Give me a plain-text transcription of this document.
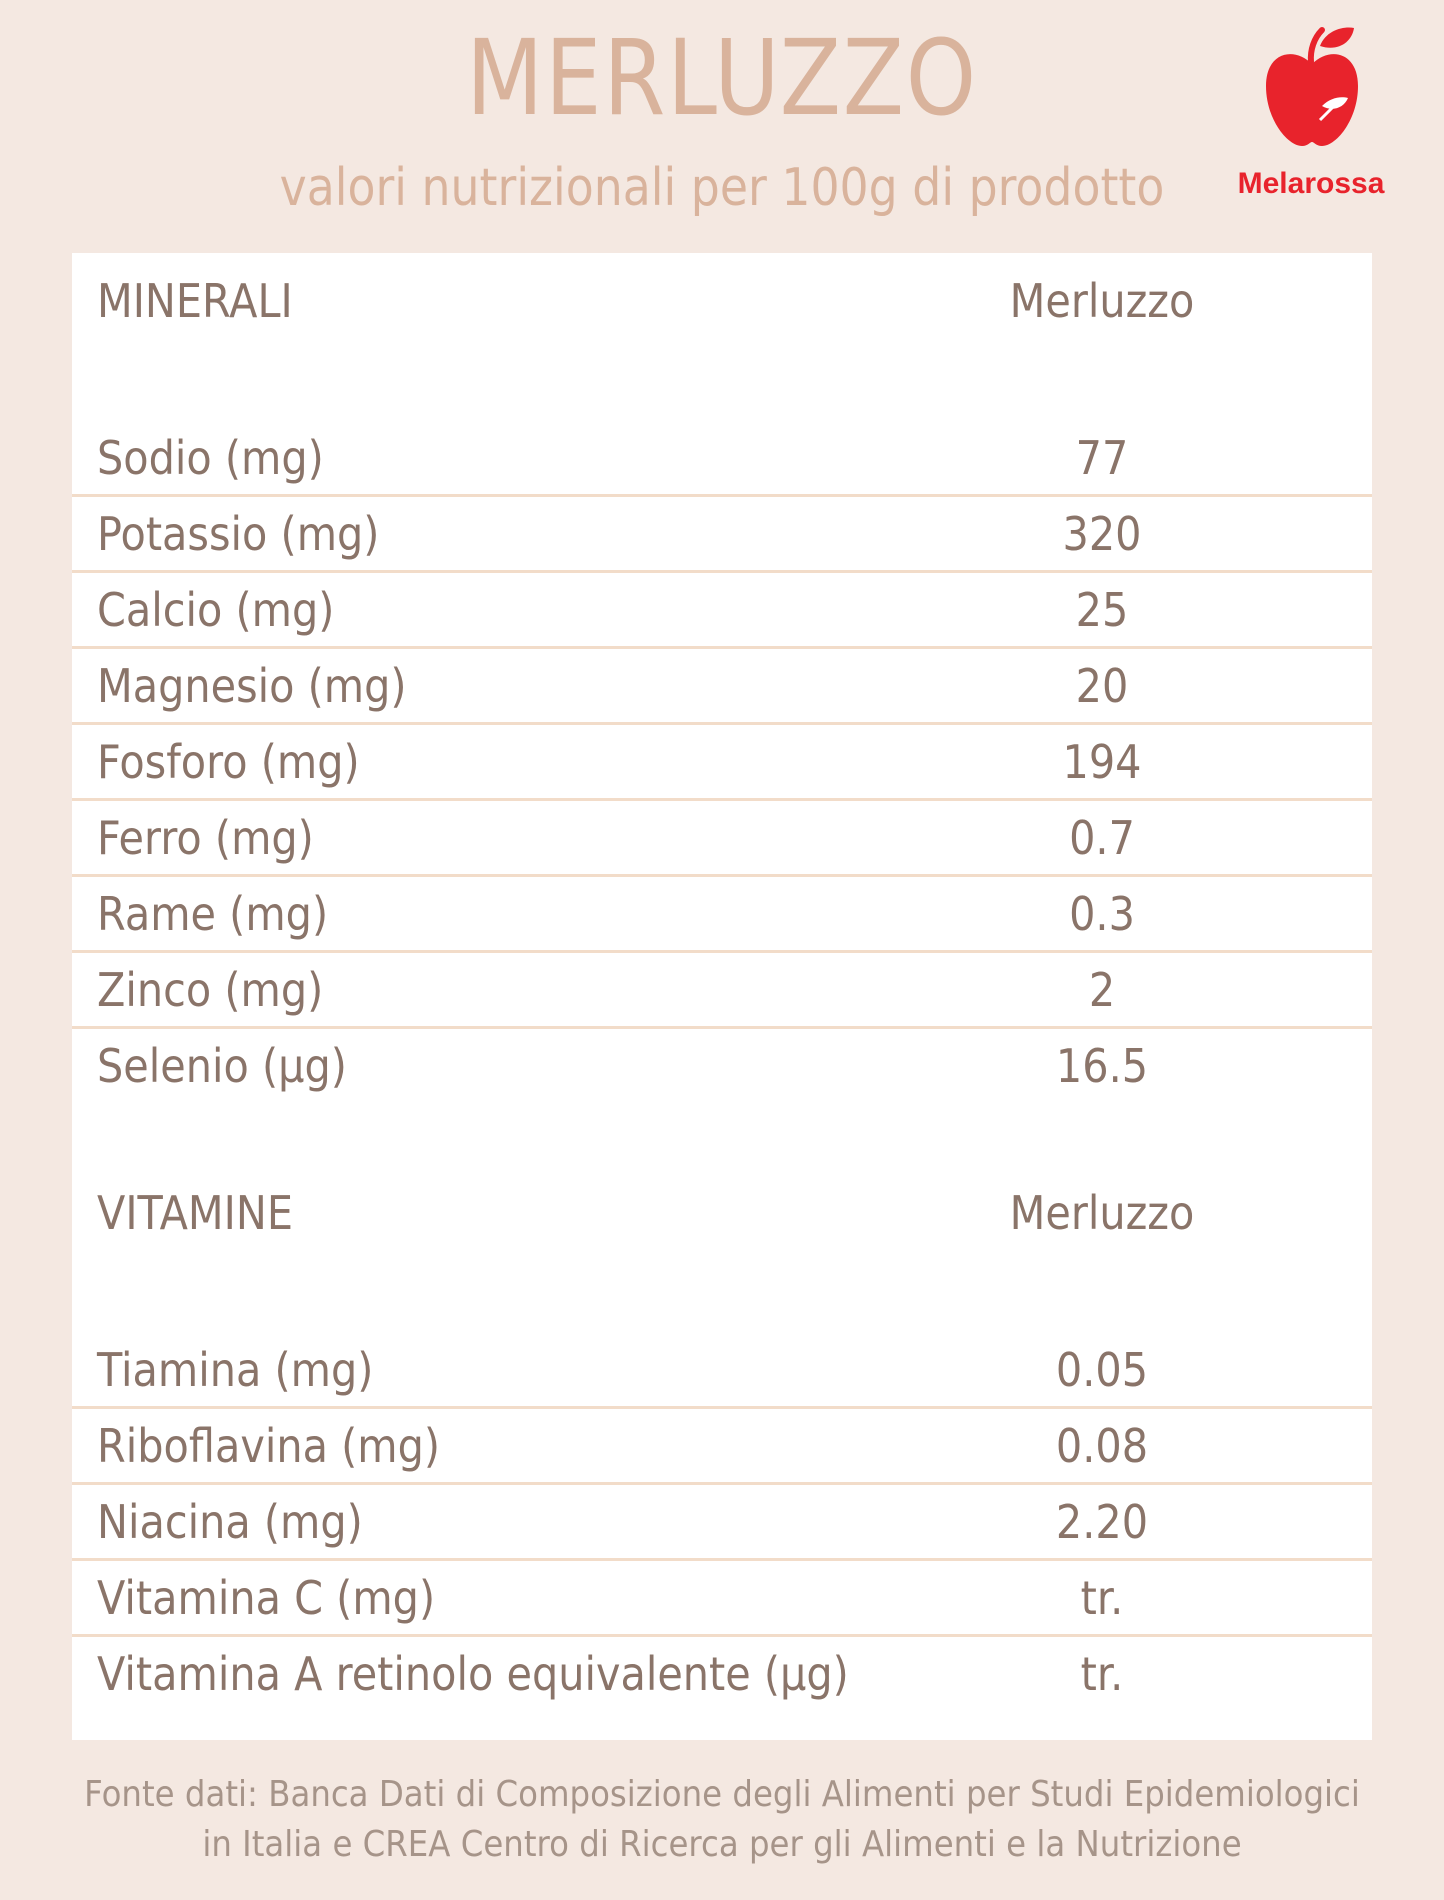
MERLUZZO
valori nutrizionali per 100g di prodotto	Melarossa
MINERALI	Merluzzo
Sodio (mg)	77
Potassio (mg)	320
Calcio (mg)	25
Magnesio (mg)	20
Fosforo (mg)	194
Ferro (mg)	0.7
Rame (mg)	0.3
Zinco (mg)	2
Selenio (μg)	16.5
VITAMINE	Merluzzo
Tiamina (mg)	0.05
Riboflavina (mg)	0.08
Niacina (mg)	2.20
Vitamina C (mg)	tr.
Vitamina A retinolo equivalente (μg)	tr.
Fonte dati: Banca Dati di Composizione degli Alimenti per Studi Epidemiologici
in Italia e CREA Centro di Ricerca per gli Alimenti e la Nutrizione
